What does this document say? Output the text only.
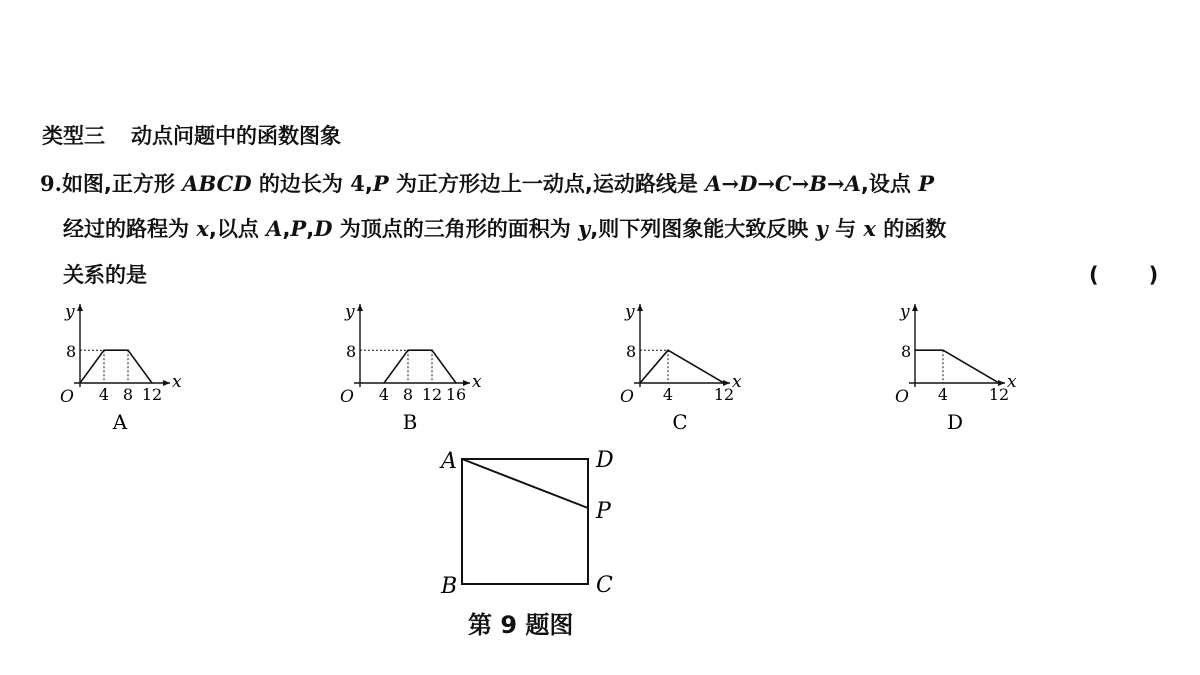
类型三 动点问题中的函数图象
9.如图,正方形 ABCD 的边长为 4,P 为正方形边上一动点,运动路线是 A→D→C→B→A,设点 P
经过的路程为 x,以点 A,P,D 为顶点的三角形的面积为 y,则下列图象能大致反映 y 与 x 的函数
关系的是	( )
y
x
O
8
4 8 12
A
y
x
O
8
4 8 12 16
B
y
x
O
8
4	12
C
y
x
O
8
4	12
D
A	D
P
B	C
第 9 题图
